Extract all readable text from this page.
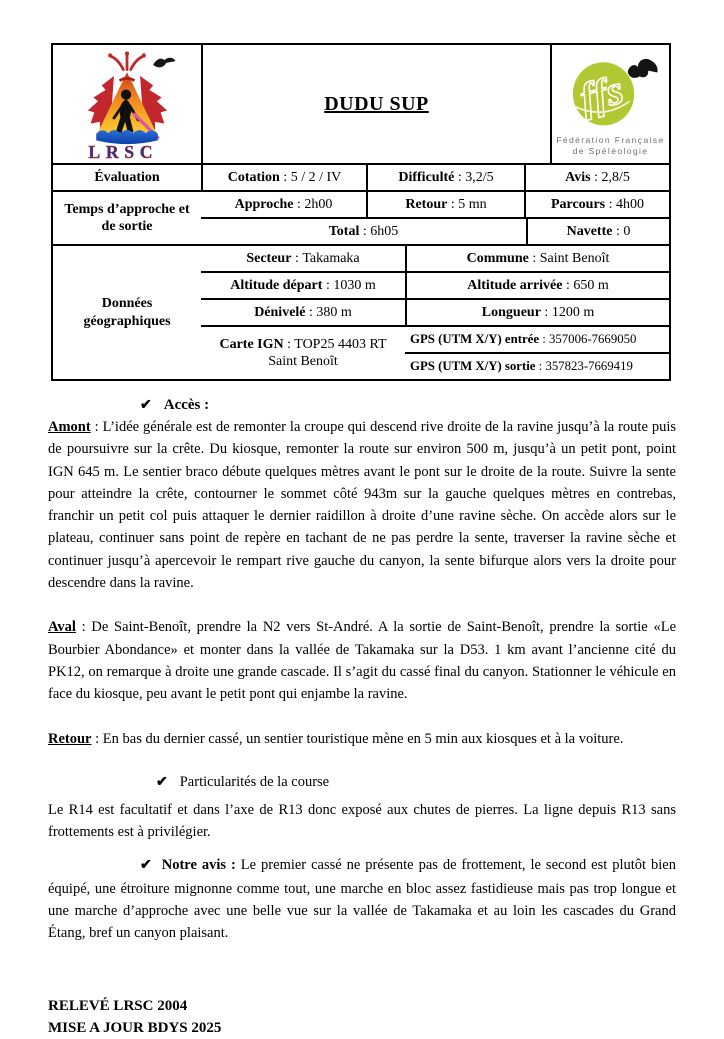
LRSC
DUDU SUP	ffs
Fédération Française
de Spéléologie
Évaluation	Cotation : 5 / 2 / IV	Difficulté : 3,2/5	Avis : 2,8/5
Temps d’approche et de sortie
Approche : 2h00	Retour : 5 mn	Parcours : 4h00
Total : 6h05	Navette : 0
Données géographiques
Secteur : Takamaka	Commune : Saint Benoît
Altitude départ : 1030 m	Altitude arrivée : 650 m
Dénivelé : 380 m	Longueur : 1200 m
Carte IGN : TOP25 4403 RT Saint Benoît
GPS (UTM X/Y) entrée : 357006-7669050
GPS (UTM X/Y) sortie : 357823-7669419
✔ Accès :

Amont : L’idée générale est de remonter la croupe qui descend rive droite de la ravine jusqu’à la route puis de poursuivre sur la crête. Du kiosque, remonter la route sur environ 500 m, jusqu’à un petit pont, point IGN 645 m. Le sentier braco débute quelques mètres avant le pont sur le droite de la route. Suivre la sente pour atteindre la crête, contourner le sommet côté 943m sur la gauche quelques mètres en contrebas, franchir un petit col puis attaquer le dernier raidillon à droite d’une ravine sèche. On accède alors sur le plateau, continuer sans point de repère en tachant de ne pas perdre la sente, traverser la ravine sèche et continuer jusqu’à apercevoir le rempart rive gauche du canyon, la sente bifurque alors vers la droite pour descendre dans la ravine.

Aval : De Saint-Benoît, prendre la N2 vers St-André. A la sortie de Saint-Benoît, prendre la sortie «Le Bourbier Abondance» et monter dans la vallée de Takamaka sur la D53. 1 km avant l’ancienne cité du PK12, on remarque à droite une grande cascade. Il s’agit du cassé final du canyon. Stationner le véhicule en face du kiosque, peu avant le petit pont qui enjambe la ravine.

Retour : En bas du dernier cassé, un sentier touristique mène en 5 min aux kiosques et à la voiture.

✔ Particularités de la course

Le R14 est facultatif et dans l’axe de R13 donc exposé aux chutes de pierres. La ligne depuis R13 sans frottements est à privilégier.

✔ Notre avis : Le premier cassé ne présente pas de frottement, le second est plutôt bien équipé, une étroiture mignonne comme tout, une marche en bloc assez fastidieuse mais pas trop longue et une marche d’approche avec une belle vue sur la vallée de Takamaka et au loin les cascades du Grand Étang, bref un canyon plaisant.

RELEVÉ LRSC 2004
MISE A JOUR BDYS 2025
